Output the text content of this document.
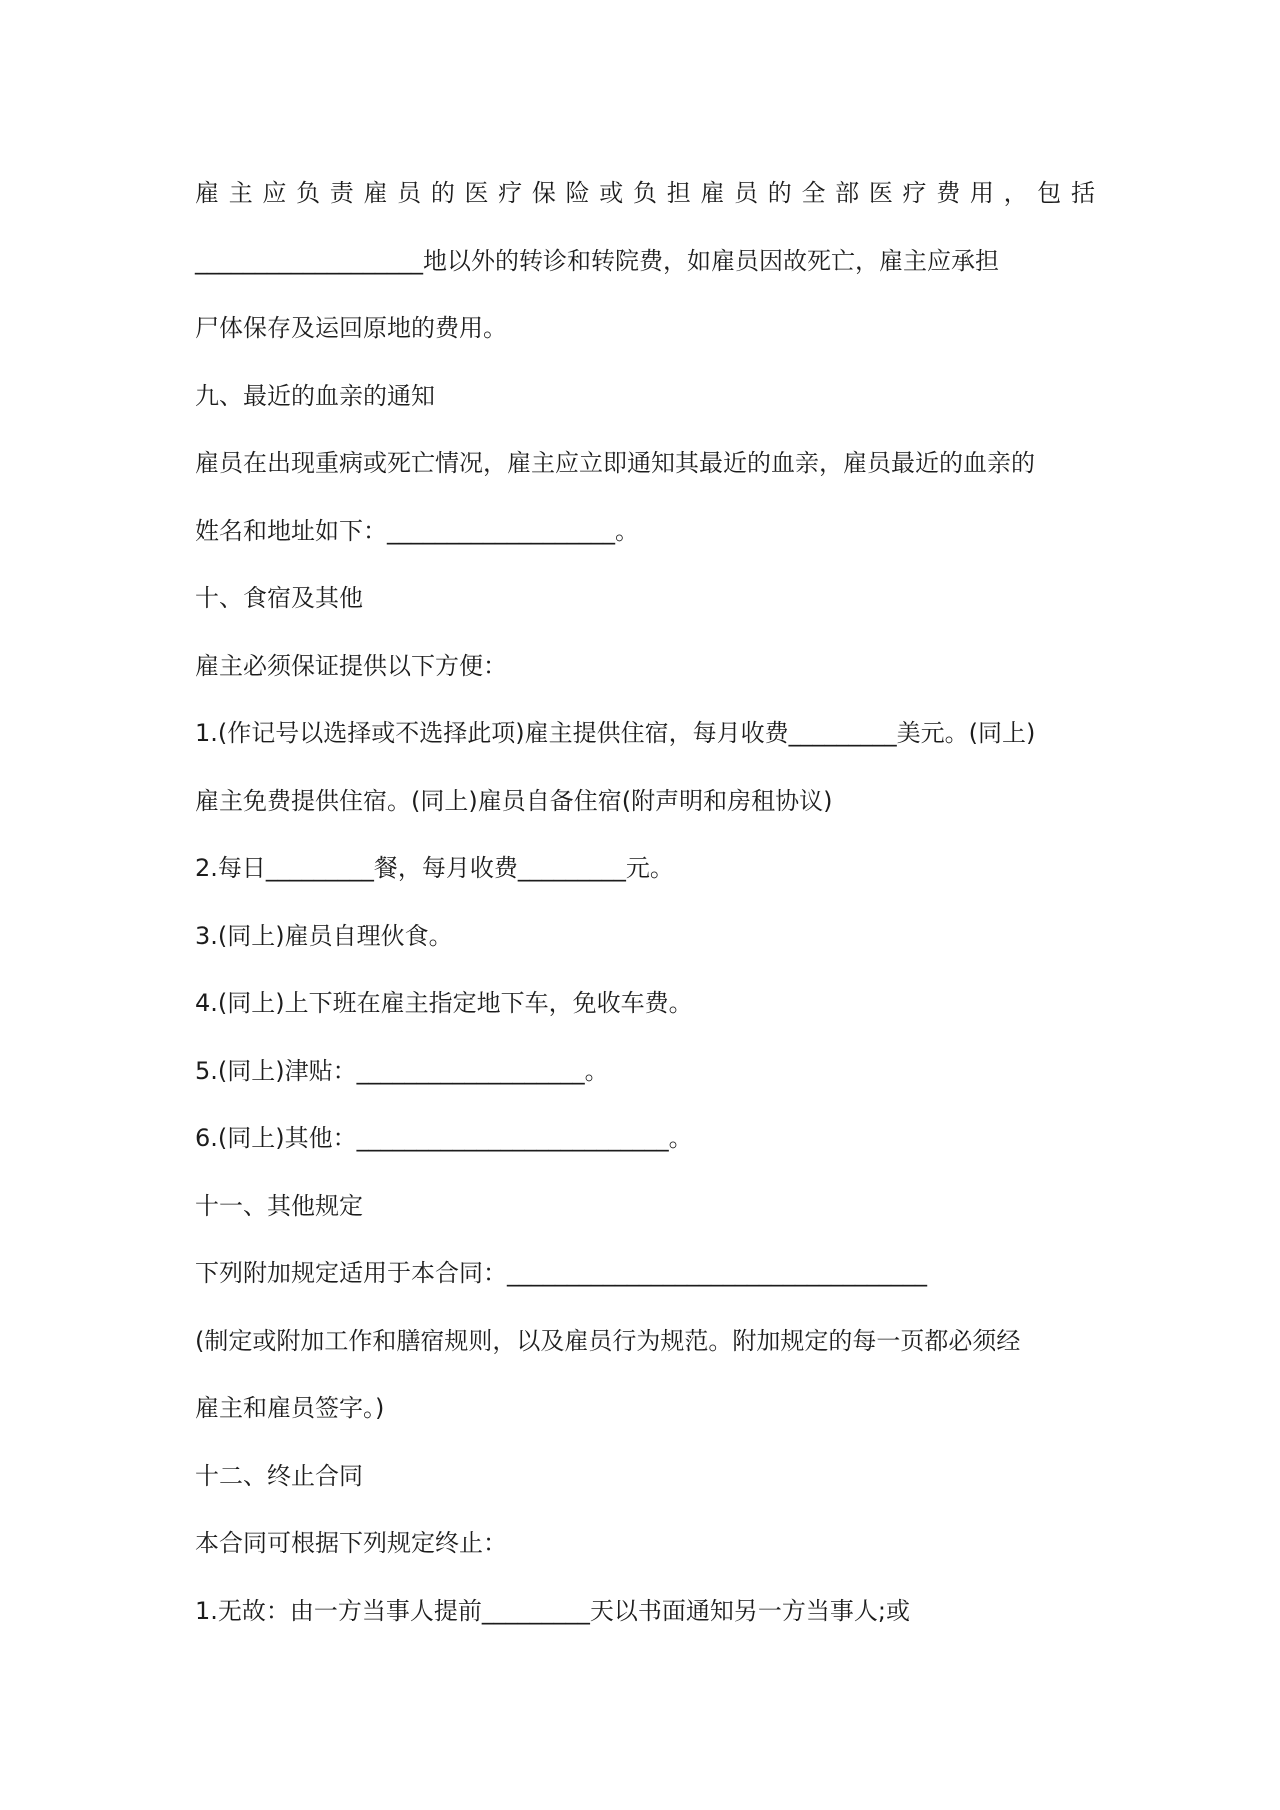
雇主应负责雇员的医疗保险或负担雇员的全部医疗费用，包括
___________________地以外的转诊和转院费，如雇员因故死亡，雇主应承担
尸体保存及运回原地的费用。
九、最近的血亲的通知
雇员在出现重病或死亡情况，雇主应立即通知其最近的血亲，雇员最近的血亲的
姓名和地址如下：___________________。
十、食宿及其他
雇主必须保证提供以下方便：
1.(作记号以选择或不选择此项)雇主提供住宿，每月收费_________美元。(同上)
雇主免费提供住宿。(同上)雇员自备住宿(附声明和房租协议)
2.每日_________餐，每月收费_________元。
3.(同上)雇员自理伙食。
4.(同上)上下班在雇主指定地下车，免收车费。
5.(同上)津贴：___________________。
6.(同上)其他：__________________________。
十一、其他规定
下列附加规定适用于本合同：___________________________________
(制定或附加工作和膳宿规则，以及雇员行为规范。附加规定的每一页都必须经
雇主和雇员签字。)
十二、终止合同
本合同可根据下列规定终止：
1.无故：由一方当事人提前_________天以书面通知另一方当事人;或
